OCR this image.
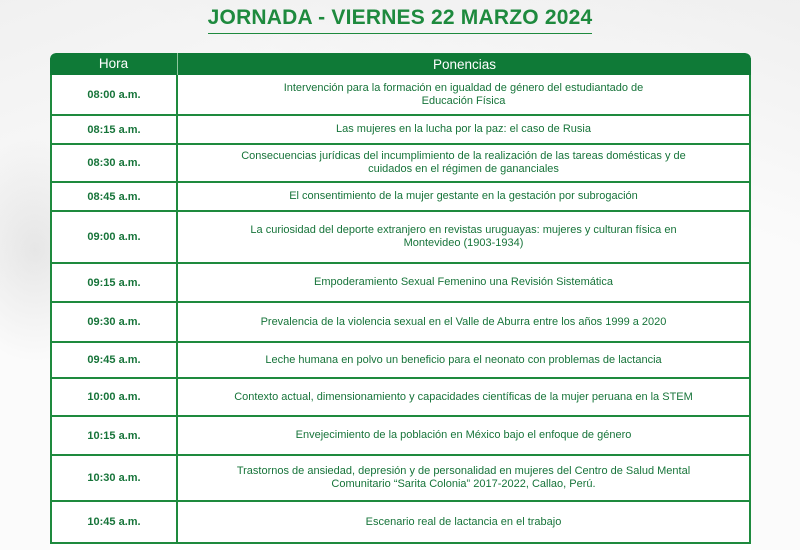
JORNADA - VIERNES 22 MARZO 2024
Hora	Ponencias
08:00 a.m.
Intervención para la formación en igualdad de género del estudiantado de
Educación Física
08:15 a.m.	Las mujeres en la lucha por la paz: el caso de Rusia
08:30 a.m.
Consecuencias jurídicas del incumplimiento de la realización de las tareas domésticas y de
cuidados en el régimen de gananciales
08:45 a.m.	El consentimiento de la mujer gestante en la gestación por subrogación
09:00 a.m.
La curiosidad del deporte extranjero en revistas uruguayas: mujeres y culturan física en
Montevideo (1903-1934)
09:15 a.m.	Empoderamiento Sexual Femenino una Revisión Sistemática
09:30 a.m.	Prevalencia de la violencia sexual en el Valle de Aburra entre los años 1999 a 2020
09:45 a.m.	Leche humana en polvo un beneficio para el neonato con problemas de lactancia
10:00 a.m.	Contexto actual, dimensionamiento y capacidades científicas de la mujer peruana en la STEM
10:15 a.m.	Envejecimiento de la población en México bajo el enfoque de género
10:30 a.m.
Trastornos de ansiedad, depresión y de personalidad en mujeres del Centro de Salud Mental
Comunitario “Sarita Colonia” 2017-2022, Callao, Perú.
10:45 a.m.	Escenario real de lactancia en el trabajo
